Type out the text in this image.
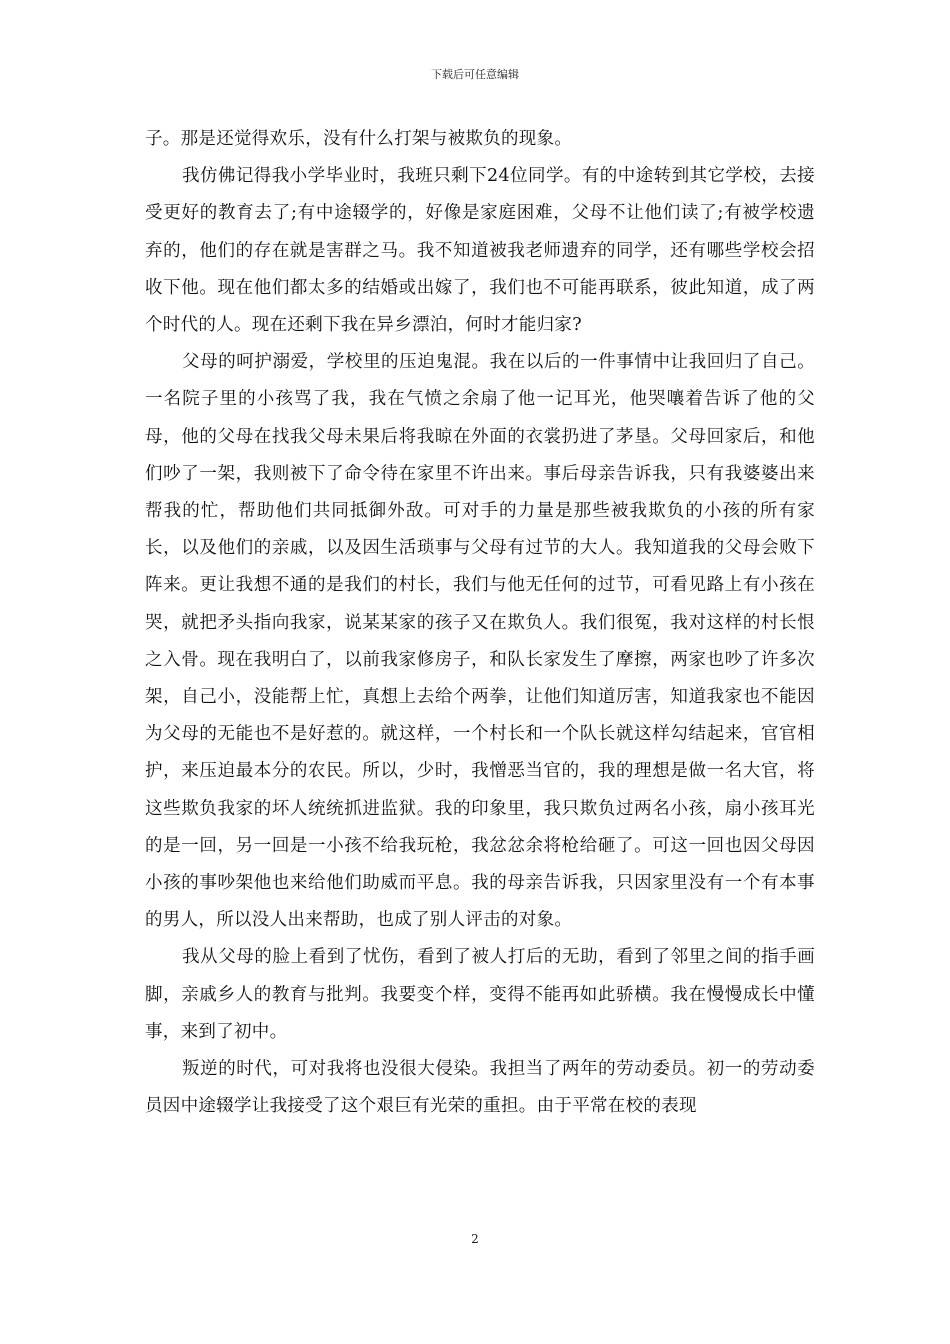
下载后可任意编辑

子。那是还觉得欢乐，没有什么打架与被欺负的现象。

我仿佛记得我小学毕业时，我班只剩下24位同学。有的中途转到其它学校，去接受更好的教育去了;有中途辍学的，好像是家庭困难，父母不让他们读了;有被学校遗弃的，他们的存在就是害群之马。我不知道被我老师遗弃的同学，还有哪些学校会招收下他。现在他们都太多的结婚或出嫁了，我们也不可能再联系，彼此知道，成了两个时代的人。现在还剩下我在异乡漂泊，何时才能归家?

父母的呵护溺爱，学校里的压迫鬼混。我在以后的一件事情中让我回归了自己。一名院子里的小孩骂了我，我在气愤之余扇了他一记耳光，他哭嚷着告诉了他的父母，他的父母在找我父母未果后将我晾在外面的衣裳扔进了茅垦。父母回家后，和他们吵了一架，我则被下了命令待在家里不许出来。事后母亲告诉我，只有我婆婆出来帮我的忙，帮助他们共同抵御外敌。可对手的力量是那些被我欺负的小孩的所有家长，以及他们的亲戚，以及因生活琐事与父母有过节的大人。我知道我的父母会败下阵来。更让我想不通的是我们的村长，我们与他无任何的过节，可看见路上有小孩在哭，就把矛头指向我家，说某某家的孩子又在欺负人。我们很冤，我对这样的村长恨之入骨。现在我明白了，以前我家修房子，和队长家发生了摩擦，两家也吵了许多次架，自己小，没能帮上忙，真想上去给个两拳，让他们知道厉害，知道我家也不能因为父母的无能也不是好惹的。就这样，一个村长和一个队长就这样勾结起来，官官相护，来压迫最本分的农民。所以，少时，我憎恶当官的，我的理想是做一名大官，将这些欺负我家的坏人统统抓进监狱。我的印象里，我只欺负过两名小孩，扇小孩耳光的是一回，另一回是一小孩不给我玩枪，我忿忿余将枪给砸了。可这一回也因父母因小孩的事吵架他也来给他们助威而平息。我的母亲告诉我，只因家里没有一个有本事的男人，所以没人出来帮助，也成了别人评击的对象。

我从父母的脸上看到了忧伤，看到了被人打后的无助，看到了邻里之间的指手画脚，亲戚乡人的教育与批判。我要变个样，变得不能再如此骄横。我在慢慢成长中懂事，来到了初中。

叛逆的时代，可对我将也没很大侵染。我担当了两年的劳动委员。初一的劳动委员因中途辍学让我接受了这个艰巨有光荣的重担。由于平常在校的表现

2
